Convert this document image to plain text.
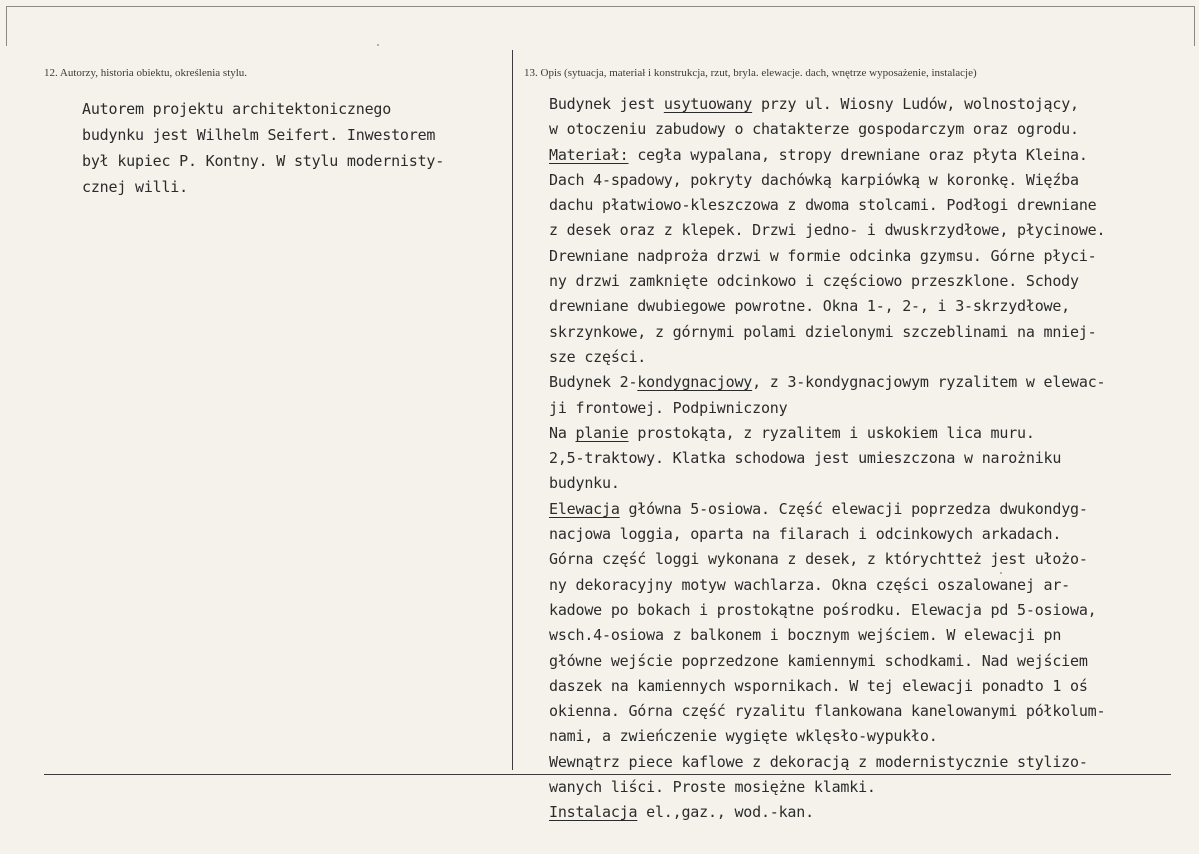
12. Autorzy, historia obiektu, określenia stylu.	13. Opis (sytuacja, materiał i konstrukcja, rzut, bryla. elewacje. dach, wnętrze wyposażenie, instalacje)
Autorem projektu architektonicznego
budynku jest Wilhelm Seifert. Inwestorem
był kupiec P. Kontny. W stylu modernisty-
cznej willi.
Budynek jest usytuowany przy ul. Wiosny Ludów, wolnostojący,
w otoczeniu zabudowy o chatakterze gospodarczym oraz ogrodu.
Materiał: cegła wypalana, stropy drewniane oraz płyta Kleina.
Dach 4-spadowy, pokryty dachówką karpiówką w koronkę. Więźba
dachu płatwiowo-kleszczowa z dwoma stolcami. Podłogi drewniane
z desek oraz z klepek. Drzwi jedno- i dwuskrzydłowe, płycinowe.
Drewniane nadproża drzwi w formie odcinka gzymsu. Górne płyci-
ny drzwi zamknięte odcinkowo i częściowo przeszklone. Schody
drewniane dwubiegowe powrotne. Okna 1-, 2-, i 3-skrzydłowe,
skrzynkowe, z górnymi polami dzielonymi szczeblinami na mniej-
sze części.
Budynek 2-kondygnacjowy, z 3-kondygnacjowym ryzalitem w elewac-
ji frontowej. Podpiwniczony
Na planie prostokąta, z ryzalitem i uskokiem lica muru.
2,5-traktowy. Klatka schodowa jest umieszczona w narożniku
budynku.
Elewacja główna 5-osiowa. Część elewacji poprzedza dwukondyg-
nacjowa loggia, oparta na filarach i odcinkowych arkadach.
Górna część loggi wykonana z desek, z którychtteż jest ułożo-
ny dekoracyjny motyw wachlarza. Okna części oszalowanej ar-
kadowe po bokach i prostokątne pośrodku. Elewacja pd 5-osiowa,
wsch.4-osiowa z balkonem i bocznym wejściem. W elewacji pn
główne wejście poprzedzone kamiennymi schodkami. Nad wejściem
daszek na kamiennych wspornikach. W tej elewacji ponadto 1 oś
okienna. Górna część ryzalitu flankowana kanelowanymi półkolum-
nami, a zwieńczenie wygięte wklęsło-wypukło.
Wewnątrz piece kaflowe z dekoracją z modernistycznie stylizo-
wanych liści. Proste mosiężne klamki.
Instalacja el.,gaz., wod.-kan.
